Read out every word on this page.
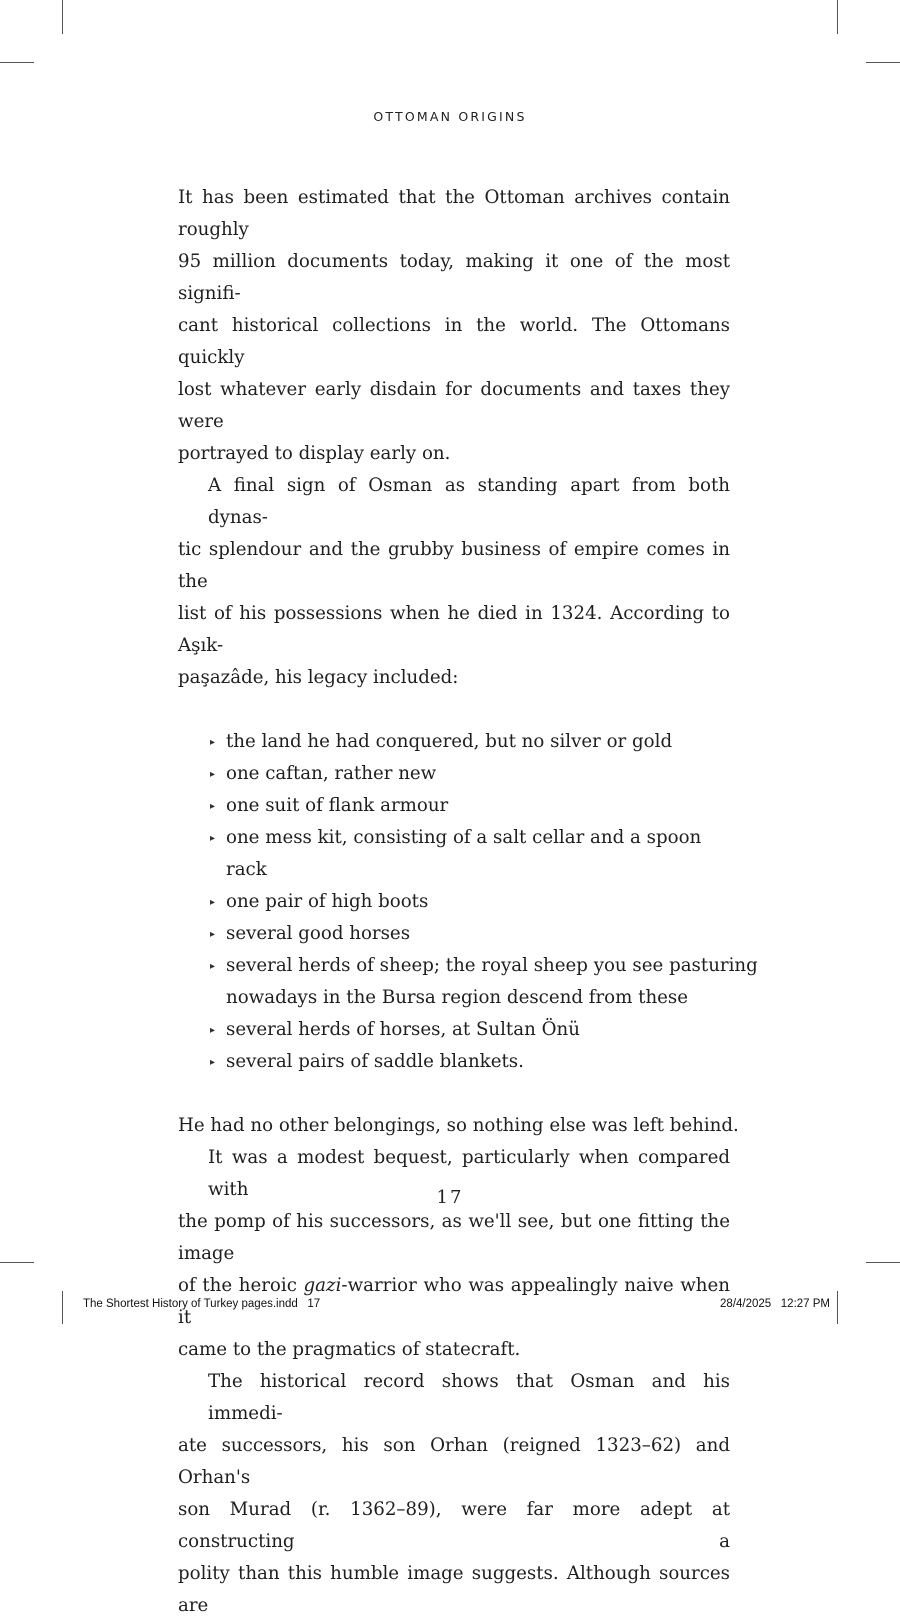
OTTOMAN ORIGINS

It has been estimated that the Ottoman archives contain roughly
95 million documents today, making it one of the most signifi-
cant historical collections in the world. The Ottomans quickly
lost whatever early disdain for documents and taxes they were
portrayed to display early on.

A final sign of Osman as standing apart from both dynas-
tic splendour and the grubby business of empire comes in the
list of his possessions when he died in 1324. According to Aşık-
paşazâde, his legacy included:

▸ the land he had conquered, but no silver or gold
▸ one caftan, rather new
▸ one suit of flank armour
▸ one mess kit, consisting of a salt cellar and a spoon rack
▸ one pair of high boots
▸ several good horses
▸ several herds of sheep; the royal sheep you see pasturing
nowadays in the Bursa region descend from these
▸ several herds of horses, at Sultan Önü
▸ several pairs of saddle blankets.

He had no other belongings, so nothing else was left behind.

It was a modest bequest, particularly when compared with
the pomp of his successors, as we'll see, but one fitting the image
of the heroic gazi-warrior who was appealingly naive when it
came to the pragmatics of statecraft.

The historical record shows that Osman and his immedi-
ate successors, his son Orhan (reigned 1323–62) and Orhan's
son Murad (r. 1362–89), were far more adept at constructing a
polity than this humble image suggests. Although sources are

17
The Shortest History of Turkey pages.indd   17	28/4/2025   12:27 PM
